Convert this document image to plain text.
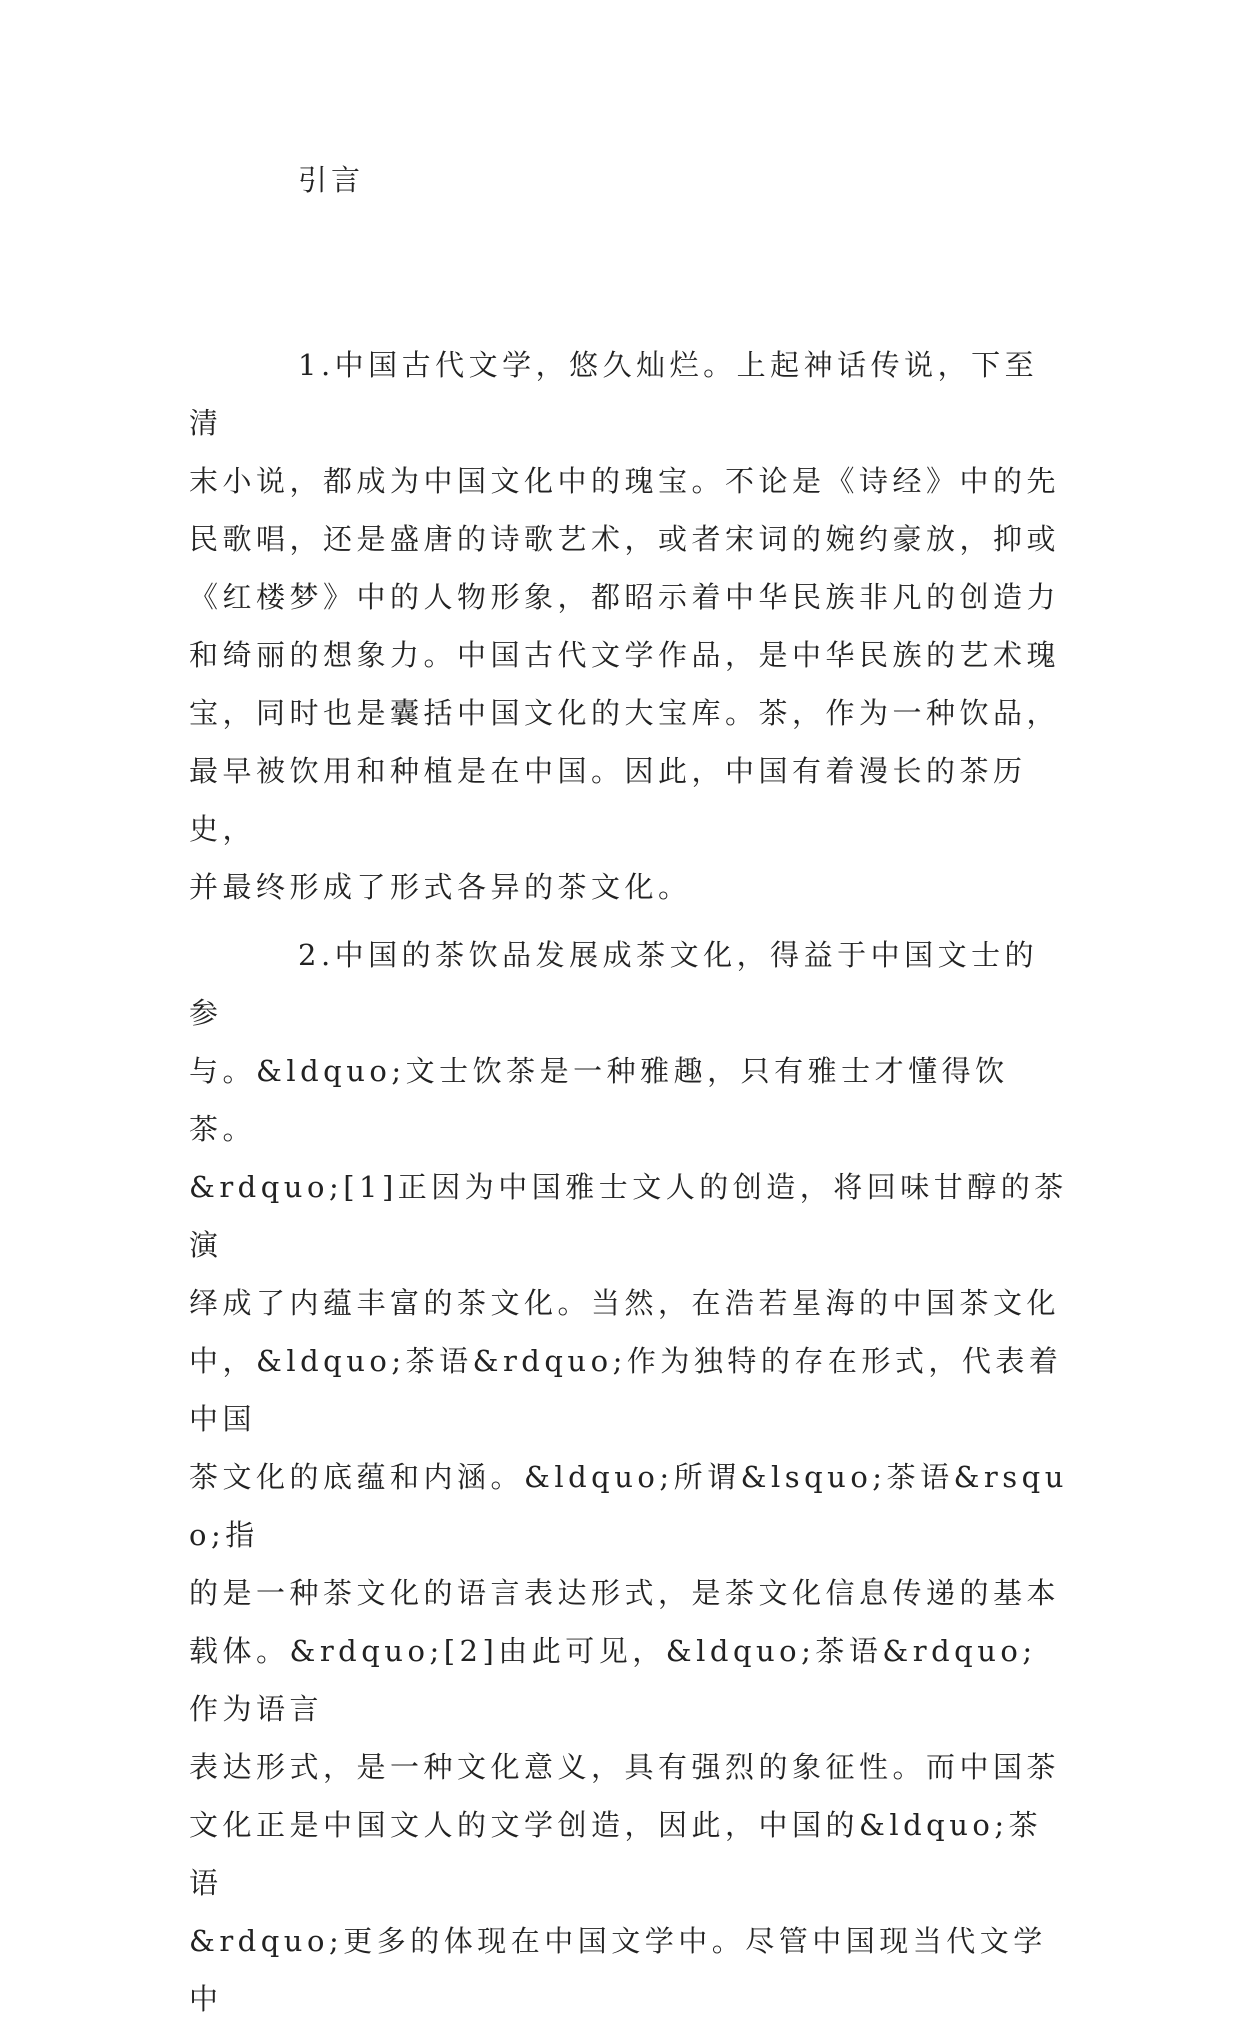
引言

1.中国古代文学，悠久灿烂。上起神话传说，下至清
末小说，都成为中国文化中的瑰宝。不论是《诗经》中的先
民歌唱，还是盛唐的诗歌艺术，或者宋词的婉约豪放，抑或
《红楼梦》中的人物形象，都昭示着中华民族非凡的创造力
和绮丽的想象力。中国古代文学作品，是中华民族的艺术瑰
宝，同时也是囊括中国文化的大宝库。茶，作为一种饮品，
最早被饮用和种植是在中国。因此，中国有着漫长的茶历史，
并最终形成了形式各异的茶文化。

2.中国的茶饮品发展成茶文化，得益于中国文士的参
与。&ldquo;文士饮茶是一种雅趣，只有雅士才懂得饮茶。
&rdquo;[1]正因为中国雅士文人的创造，将回味甘醇的茶演
绎成了内蕴丰富的茶文化。当然，在浩若星海的中国茶文化
中，&ldquo;茶语&rdquo;作为独特的存在形式，代表着中国
茶文化的底蕴和内涵。&ldquo;所谓&lsquo;茶语&rsquo;指
的是一种茶文化的语言表达形式，是茶文化信息传递的基本
载体。&rdquo;[2]由此可见，&ldquo;茶语&rdquo;作为语言
表达形式，是一种文化意义，具有强烈的象征性。而中国茶
文化正是中国文人的文学创造，因此，中国的&ldquo;茶语
&rdquo;更多的体现在中国文学中。尽管中国现当代文学中
